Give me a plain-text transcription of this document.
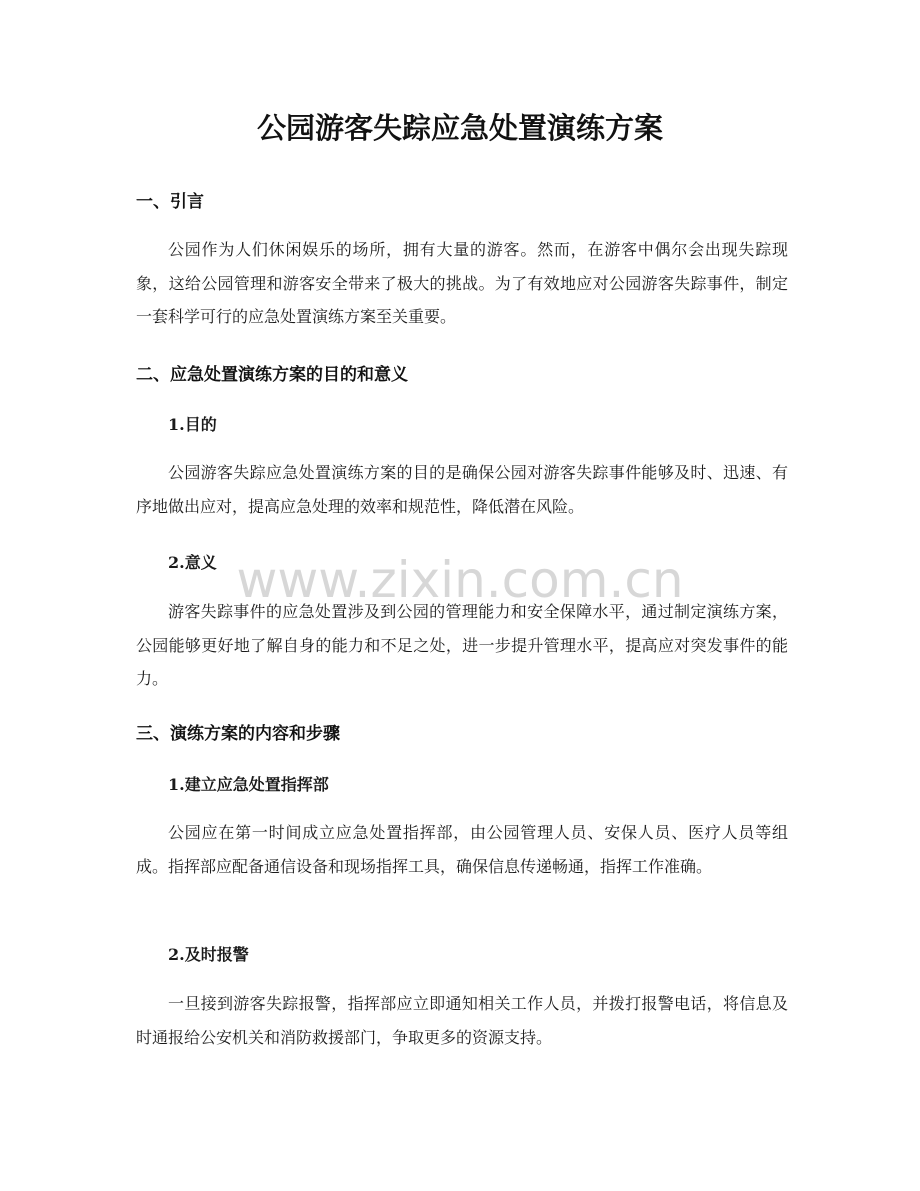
公园游客失踪应急处置演练方案
一、引言

公园作为人们休闲娱乐的场所，拥有大量的游客。然而，在游客中偶尔会出现失踪现象，这给公园管理和游客安全带来了极大的挑战。为了有效地应对公园游客失踪事件，制定一套科学可行的应急处置演练方案至关重要。

二、应急处置演练方案的目的和意义
1.目的

公园游客失踪应急处置演练方案的目的是确保公园对游客失踪事件能够及时、迅速、有序地做出应对，提高应急处理的效率和规范性，降低潜在风险。

2.意义

游客失踪事件的应急处置涉及到公园的管理能力和安全保障水平，通过制定演练方案，公园能够更好地了解自身的能力和不足之处，进一步提升管理水平，提高应对突发事件的能力。

三、演练方案的内容和步骤
1.建立应急处置指挥部

公园应在第一时间成立应急处置指挥部，由公园管理人员、安保人员、医疗人员等组成。指挥部应配备通信设备和现场指挥工具，确保信息传递畅通，指挥工作准确。

2.及时报警

一旦接到游客失踪报警，指挥部应立即通知相关工作人员，并拨打报警电话，将信息及时通报给公安机关和消防救援部门，争取更多的资源支持。

www.zixin.com.cn
